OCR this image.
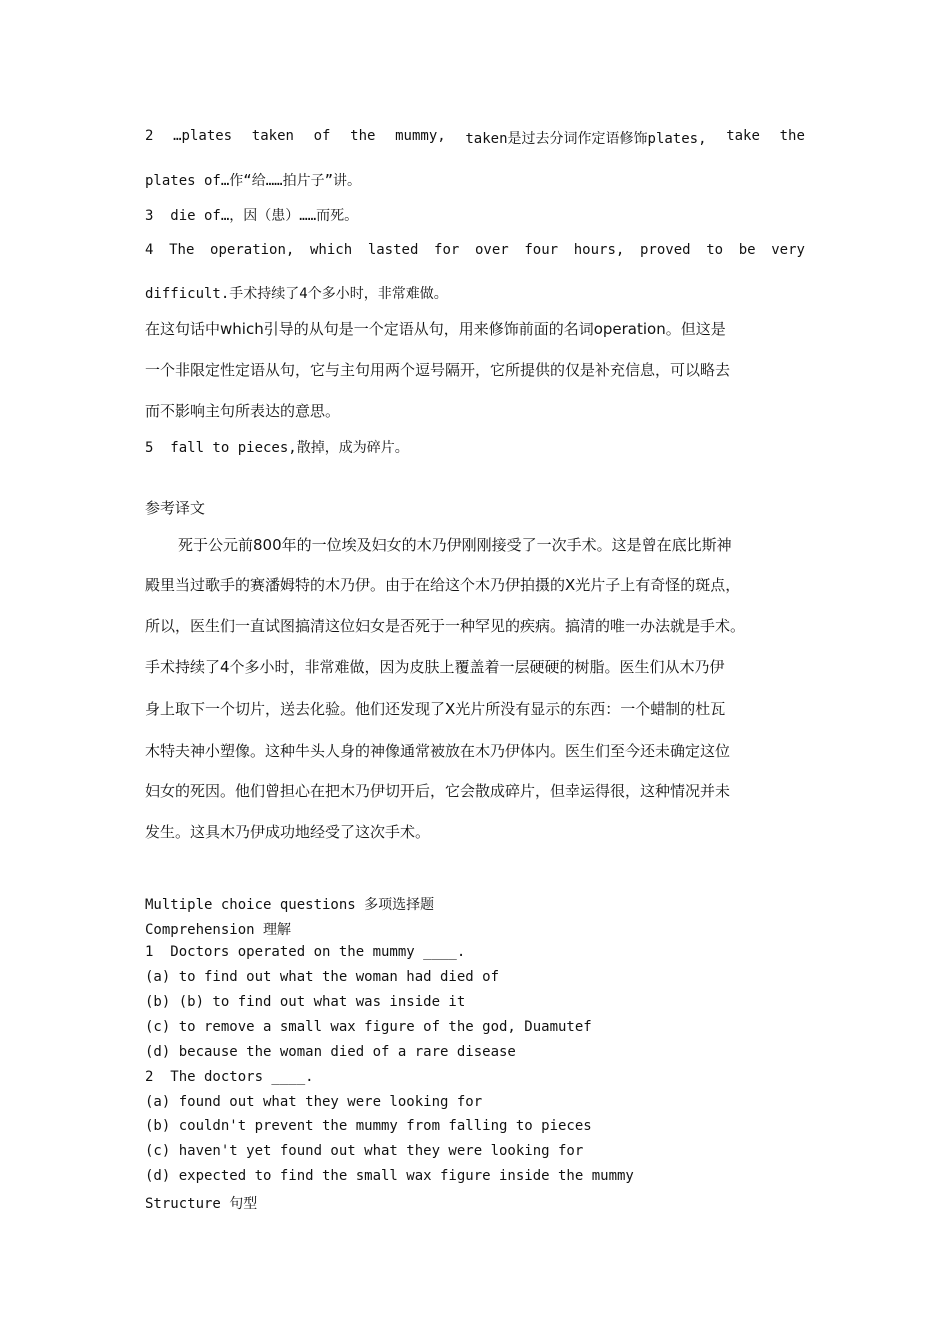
2 …plates taken of the mummy, taken是过去分词作定语修饰plates, take the
plates of…作“给……拍片子”讲。
3  die of…，因（患）……而死。
4 The operation, which lasted for over four hours, proved to be very
difficult.手术持续了4个多小时，非常难做。
在这句话中which引导的从句是一个定语从句，用来修饰前面的名词operation。但这是
一个非限定性定语从句，它与主句用两个逗号隔开，它所提供的仅是补充信息，可以略去
而不影响主句所表达的意思。
5  fall to pieces,散掉，成为碎片。
参考译文
死于公元前800年的一位埃及妇女的木乃伊刚刚接受了一次手术。这是曾在底比斯神
殿里当过歌手的赛潘姆特的木乃伊。由于在给这个木乃伊拍摄的X光片子上有奇怪的斑点，
所以，医生们一直试图搞清这位妇女是否死于一种罕见的疾病。搞清的唯一办法就是手术。
手术持续了4个多小时，非常难做，因为皮肤上覆盖着一层硬硬的树脂。医生们从木乃伊
身上取下一个切片，送去化验。他们还发现了X光片所没有显示的东西：一个蜡制的杜瓦
木特夫神小塑像。这种牛头人身的神像通常被放在木乃伊体内。医生们至今还未确定这位
妇女的死因。他们曾担心在把木乃伊切开后，它会散成碎片，但幸运得很，这种情况并未
发生。这具木乃伊成功地经受了这次手术。
Multiple choice questions 多项选择题
Comprehension 理解
1  Doctors operated on the mummy ____.
(a) to find out what the woman had died of
(b) (b) to find out what was inside it
(c) to remove a small wax figure of the god, Duamutef
(d) because the woman died of a rare disease
2  The doctors ____.
(a) found out what they were looking for
(b) couldn't prevent the mummy from falling to pieces
(c) haven't yet found out what they were looking for
(d) expected to find the small wax figure inside the mummy
Structure 句型
